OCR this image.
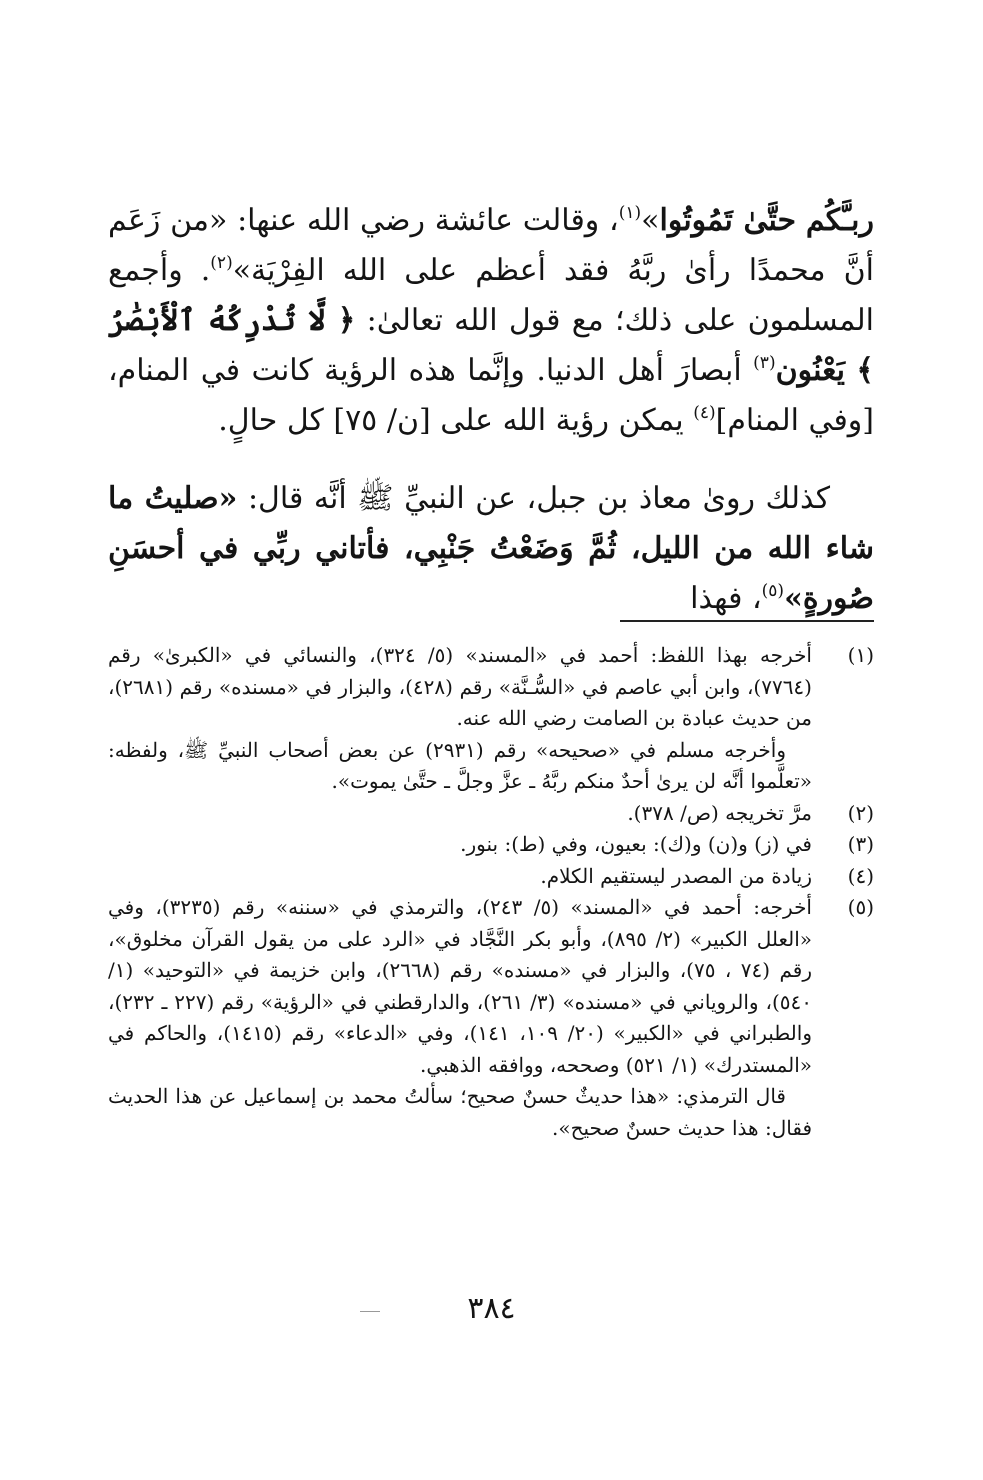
ربـَّكُم حتَّىٰ تَمُوتُوا»$^{(١)}$، وقالت عائشة رضي الله عنها: «من زَعَم أنَّ محمدًا رأىٰ ربَّهُ فقد أعظم على الله الفِرْيَة»$^{(٢)}$. وأجمع المسلمون على ذلك؛ مع قول الله تعالىٰ: ﴿ لَّا تُدْرِكُهُ ٱلْأَبْصَٰرُ ﴾ يَعْنُون$^{(٣)}$ أبصارَ أهل الدنيا. وإنَّما هذه الرؤية كانت في المنام، [وفي المنام]$^{(٤)}$ يمكن رؤية الله على [ن/ ٧٥] كل حالٍ.

كذلك روىٰ معاذ بن جبل، عن النبيِّ ﷺ أنَّه قال: «صليتُ ما شاء الله من الليل، ثُمَّ وَضَعْتُ جَنْبِي، فأتاني ربِّي في أحسَنِ صُورةٍ»$^{(٥)}$، فهذا

(١)
أخرجه بهذا اللفظ: أحمد في «المسند» (٥/ ٣٢٤)، والنسائي في «الكبرىٰ» رقم (٧٧٦٤)، وابن أبي عاصم في «السُّـنَّة» رقم (٤٢٨)، والبزار في «مسنده» رقم (٢٦٨١)، من حديث عبادة بن الصامت رضي الله عنه.
وأخرجه مسلم في «صحيحه» رقم (٢٩٣١) عن بعض أصحاب النبيِّ ﷺ، ولفظه: «تعلَّموا أنَّه لن يرىٰ أحدٌ منكم ربَّهُ ـ عزَّ وجلَّ ـ حتَّىٰ يموت».
(٢)
مرَّ تخريجه (ص/ ٣٧٨).
(٣)
في (ز) و(ن) و(ك): بعيون، وفي (ط): بنور.
(٤)
زيادة من المصدر ليستقيم الكلام.
(٥)
أخرجه: أحمد في «المسند» (٥/ ٢٤٣)، والترمذي في «سننه» رقم (٣٢٣٥)، وفي «العلل الكبير» (٢/ ٨٩٥)، وأبو بكر النَّجَّاد في «الرد على من يقول القرآن مخلوق»، رقم (٧٤ ، ٧٥)، والبزار في «مسنده» رقم (٢٦٦٨)، وابن خزيمة في «التوحيد» (١/ ٥٤٠)، والروياني في «مسنده» (٣/ ٢٦١)، والدارقطني في «الرؤية» رقم (٢٢٧ ـ ٢٣٢)، والطبراني في «الكبير» (٢٠/ ١٠٩، ١٤١)، وفي «الدعاء» رقم (١٤١٥)، والحاكم في «المستدرك» (١/ ٥٢١) وصححه، ووافقه الذهبي.
قال الترمذي: «هذا حديثٌ حسنٌ صحيح؛ سألتُ محمد بن إسماعيل عن هذا الحديث فقال: هذا حديث حسنٌ صحيح».
٣٨٤
